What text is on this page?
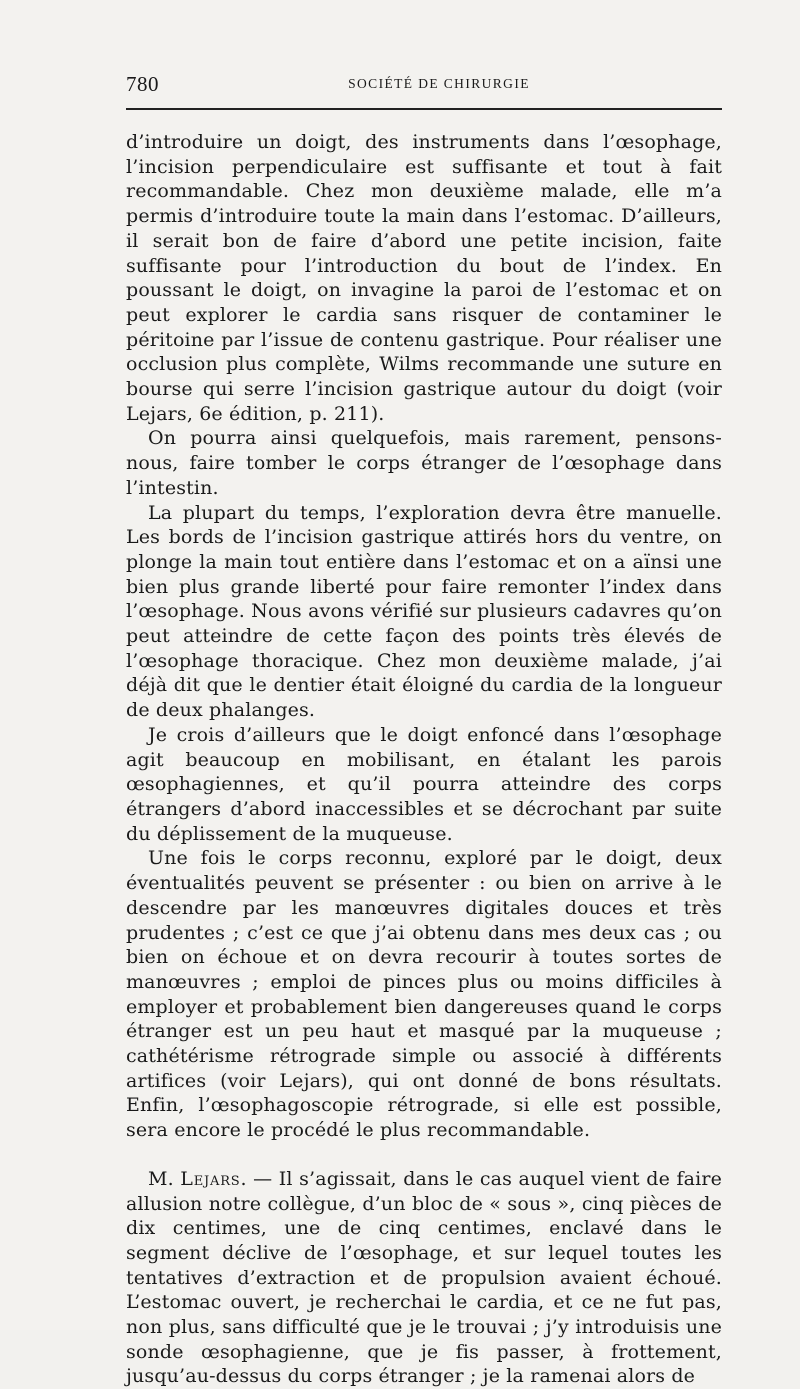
780	SOCIÉTÉ DE CHIRURGIE

d’introduire un doigt, des instruments dans l’œsophage, l’incision perpendiculaire est suffisante et tout à fait recommandable. Chez mon deuxième malade, elle m’a permis d’introduire toute la main dans l’estomac. D’ailleurs, il serait bon de faire d’abord une petite incision, faite suffisante pour l’introduction du bout de l’index. En poussant le doigt, on invagine la paroi de l’estomac et on peut explorer le cardia sans risquer de contaminer le péritoine par l’issue de contenu gastrique. Pour réaliser une occlusion plus complète, Wilms recommande une suture en bourse qui serre l’incision gastrique autour du doigt (voir Lejars, 6e édition, p. 211).

On pourra ainsi quelquefois, mais rarement, pensons-nous, faire tomber le corps étranger de l’œsophage dans l’intestin.

La plupart du temps, l’exploration devra être manuelle. Les bords de l’incision gastrique attirés hors du ventre, on plonge la main tout entière dans l’estomac et on a aïnsi une bien plus grande liberté pour faire remonter l’index dans l’œsophage. Nous avons vérifié sur plusieurs cadavres qu’on peut atteindre de cette façon des points très élevés de l’œsophage thoracique. Chez mon deuxième malade, j’ai déjà dit que le dentier était éloigné du cardia de la longueur de deux phalanges.

Je crois d’ailleurs que le doigt enfoncé dans l’œsophage agit beaucoup en mobilisant, en étalant les parois œsophagiennes, et qu’il pourra atteindre des corps étrangers d’abord inaccessibles et se décrochant par suite du déplissement de la muqueuse.

Une fois le corps reconnu, exploré par le doigt, deux éventualités peuvent se présenter : ou bien on arrive à le descendre par les manœuvres digitales douces et très prudentes ; c’est ce que j’ai obtenu dans mes deux cas ; ou bien on échoue et on devra recourir à toutes sortes de manœuvres ; emploi de pinces plus ou moins difficiles à employer et probablement bien dangereuses quand le corps étranger est un peu haut et masqué par la muqueuse ; cathétérisme rétrograde simple ou associé à différents artifices (voir Lejars), qui ont donné de bons résultats. Enfin, l’œsophagoscopie rétrograde, si elle est possible, sera encore le procédé le plus recommandable.

M. Lejars. — Il s’agissait, dans le cas auquel vient de faire allusion notre collègue, d’un bloc de « sous », cinq pièces de dix centimes, une de cinq centimes, enclavé dans le segment déclive de l’œsophage, et sur lequel toutes les tentatives d’extraction et de propulsion avaient échoué. L’estomac ouvert, je recherchai le cardia, et ce ne fut pas, non plus, sans difficulté que je le trouvai ; j’y introduisis une sonde œsophagienne, que je fis passer, à frottement, jusqu’au-dessus du corps étranger ; je la ramenai alors de
